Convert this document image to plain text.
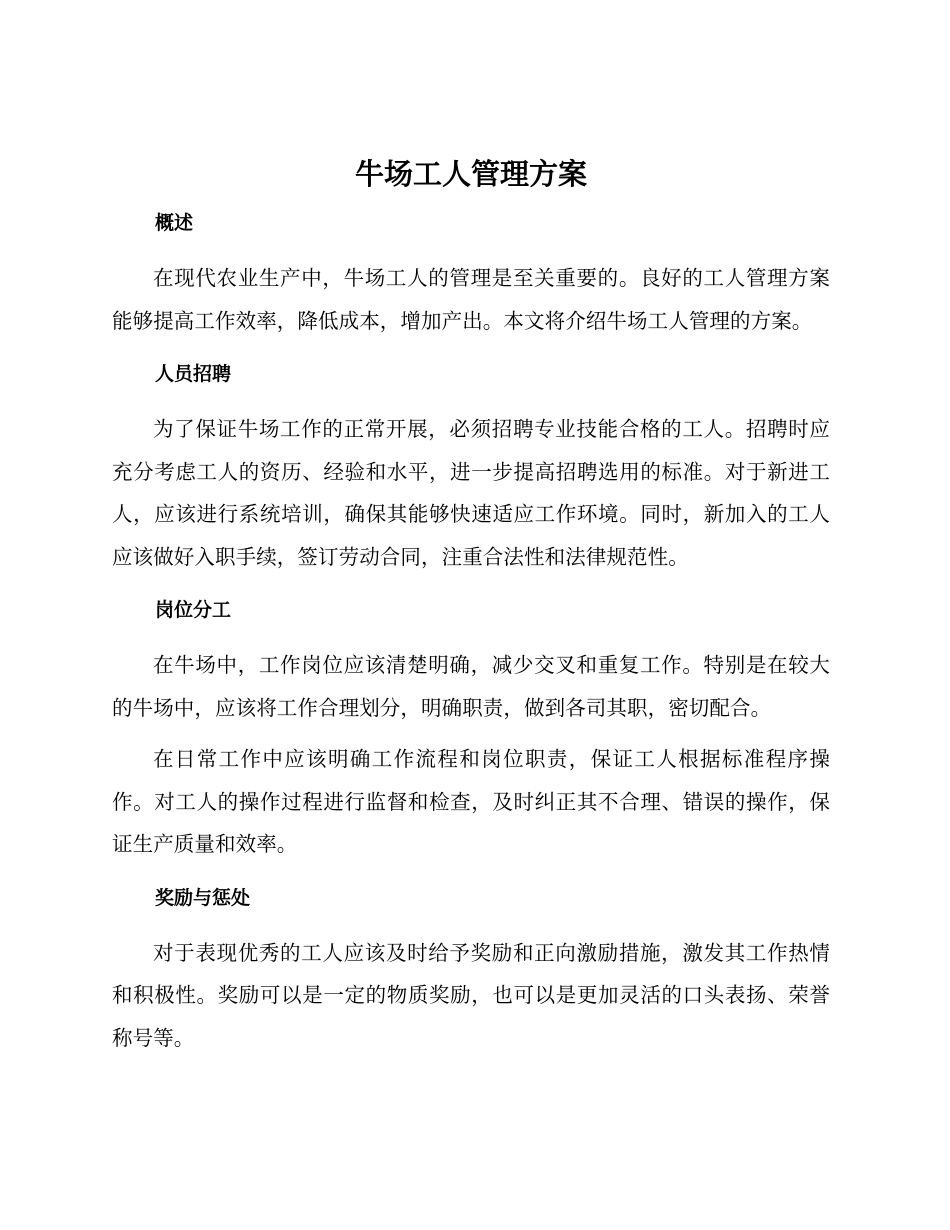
牛场工人管理方案
概述

在现代农业生产中，牛场工人的管理是至关重要的。良好的工人管理方案能够提高工作效率，降低成本，增加产出。本文将介绍牛场工人管理的方案。

人员招聘

为了保证牛场工作的正常开展，必须招聘专业技能合格的工人。招聘时应充分考虑工人的资历、经验和水平，进一步提高招聘选用的标准。对于新进工人，应该进行系统培训，确保其能够快速适应工作环境。同时，新加入的工人应该做好入职手续，签订劳动合同，注重合法性和法律规范性。

岗位分工

在牛场中，工作岗位应该清楚明确，减少交叉和重复工作。特别是在较大的牛场中，应该将工作合理划分，明确职责，做到各司其职，密切配合。

在日常工作中应该明确工作流程和岗位职责，保证工人根据标准程序操作。对工人的操作过程进行监督和检查，及时纠正其不合理、错误的操作，保证生产质量和效率。

奖励与惩处

对于表现优秀的工人应该及时给予奖励和正向激励措施，激发其工作热情和积极性。奖励可以是一定的物质奖励，也可以是更加灵活的口头表扬、荣誉称号等。
